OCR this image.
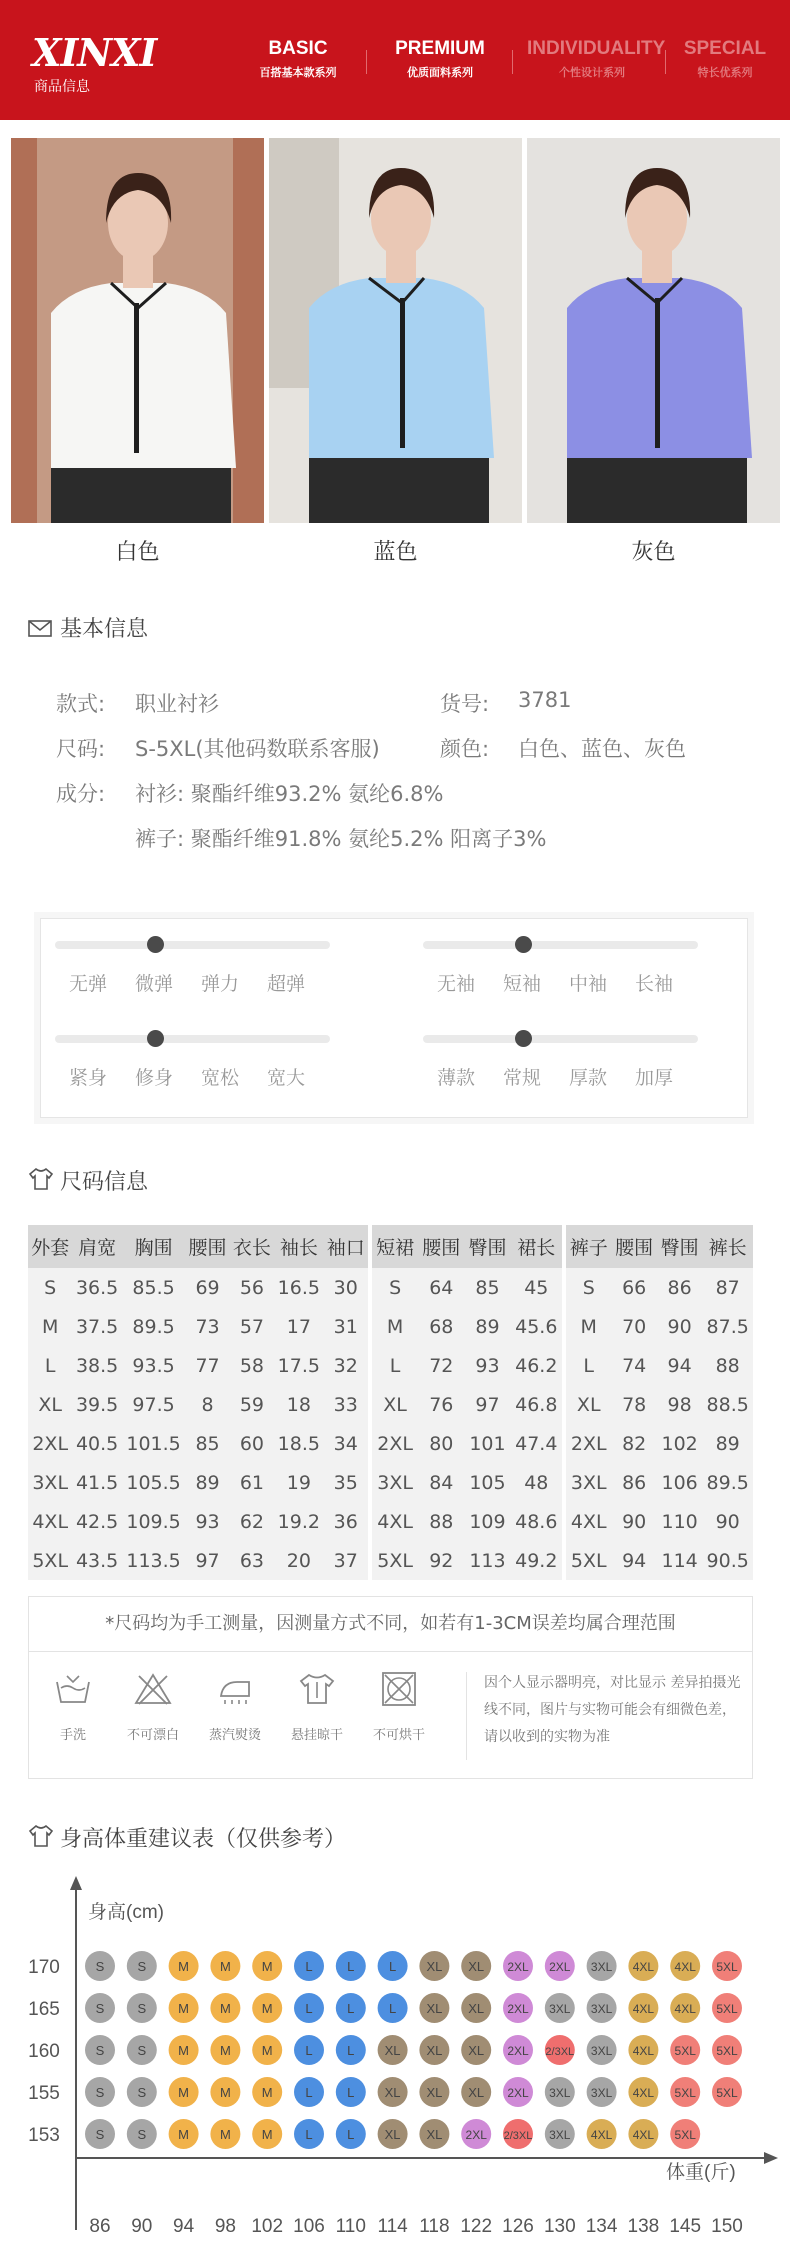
XINXI
商品信息
BASIC
百搭基本款系列
PREMIUM
优质面料系列
INDIVIDUALITY
个性设计系列
SPECIAL
特长优系列
白色	蓝色	灰色
基本信息
款式: 职业衬衫	货号: 3781
尺码: S-5XL(其他码数联系客服)	颜色: 白色、蓝色、灰色
成分: 衬衫: 聚酯纤维93.2% 氨纶6.8%
裤子: 聚酯纤维91.8% 氨纶5.2% 阳离子3%
无弹 微弹 弹力 超弹	无袖 短袖 中袖 长袖
紧身 修身 宽松 宽大	薄款 常规 厚款 加厚
尺码信息
外套	肩宽	胸围	腰围	衣长	袖长	袖口
S	36.5	85.5	69	56	16.5	30
M	37.5	89.5	73	57	17	31
L	38.5	93.5	77	58	17.5	32
XL	39.5	97.5	8	59	18	33
2XL	40.5	101.5	85	60	18.5	34
3XL	41.5	105.5	89	61	19	35
4XL	42.5	109.5	93	62	19.2	36
5XL	43.5	113.5	97	63	20	37
短裙	腰围	臀围	裙长
S	64	85	45
M	68	89	45.6
L	72	93	46.2
XL	76	97	46.8
2XL	80	101	47.4
3XL	84	105	48
4XL	88	109	48.6
5XL	92	113	49.2
裤子	腰围	臀围	裤长
S	66	86	87
M	70	90	87.5
L	74	94	88
XL	78	98	88.5
2XL	82	102	89
3XL	86	106	89.5
4XL	90	110	90
5XL	94	114	90.5
*尺码均为手工测量，因测量方式不同，如若有1-3CM误差均属合理范围
手洗	不可漂白	蒸汽熨烫	悬挂晾干	不可烘干
因个人显示器明亮，对比显示 差异拍摄光线不同，图片与实物可能会有细微色差，请以收到的实物为准
身高体重建议表（仅供参考）
身高(cm)
体重(斤)
170
165
160
155
153
86 90 94 98 102 106 110 114 118 122 126 130 134 138 145 150
S	S M M M	L	L	L XL XL 2XL 2XL 3XL 4XL 4XL 5XL
S	S M M M	L	L	L XL XL 2XL 3XL 3XL 4XL 4XL 5XL
S	S M M M	L	L XL XL XL 2XL 2/3XL 3XL 4XL 5XL 5XL
S	S M M M	L	L XL XL XL 2XL 3XL 3XL 4XL 5XL 5XL
S	S M M M	L	L XL XL 2XL 2/3XL 3XL 4XL 4XL 5XL
